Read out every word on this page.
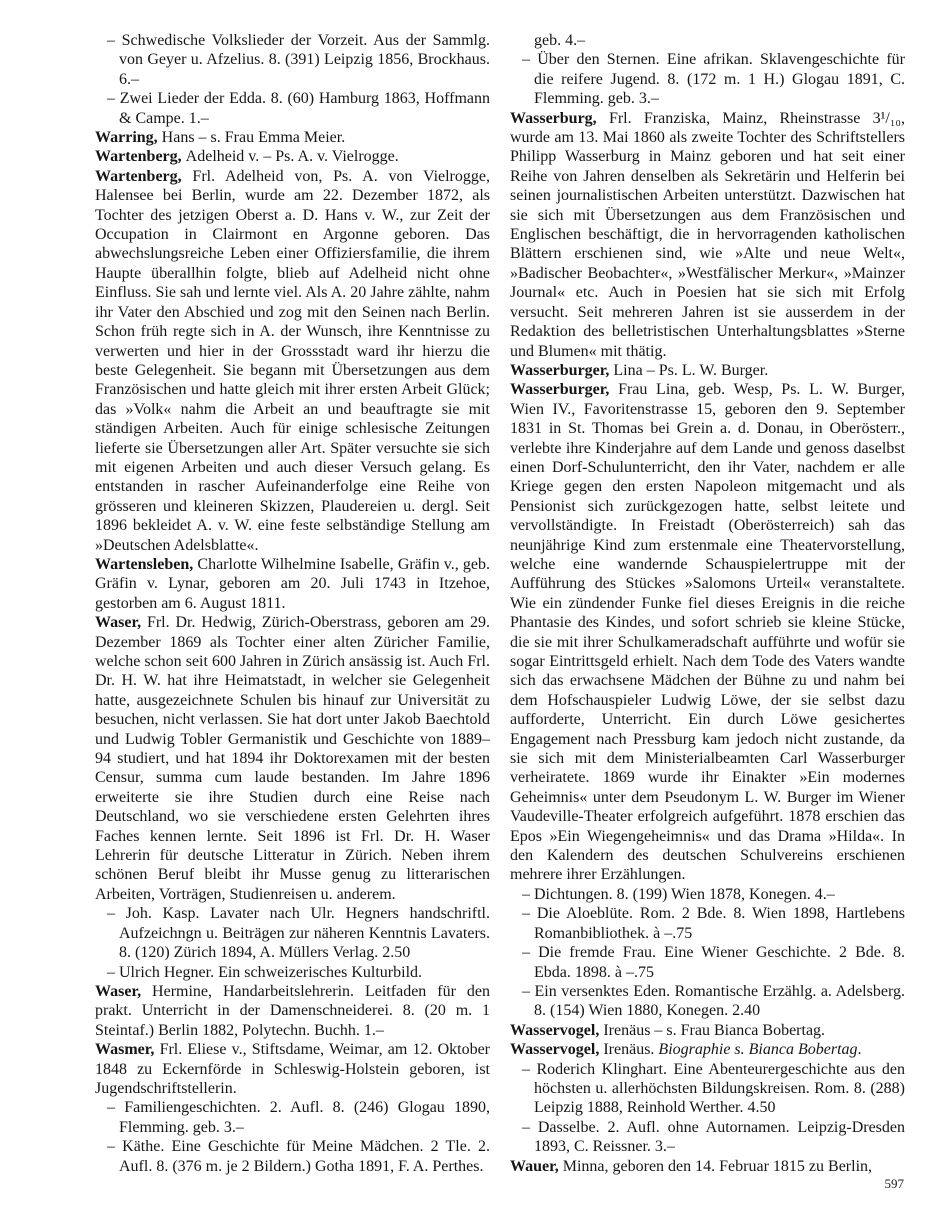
– Schwedische Volkslieder der Vorzeit. Aus der Sammlg. von Geyer u. Afzelius. 8. (391) Leipzig 1856, Brockhaus. 6.–
– Zwei Lieder der Edda. 8. (60) Hamburg 1863, Hoffmann & Campe. 1.–
Warring, Hans – s. Frau Emma Meier.
Wartenberg, Adelheid v. – Ps. A. v. Vielrogge.
Wartenberg, Frl. Adelheid von, Ps. A. von Vielrogge, Halensee bei Berlin, wurde am 22. Dezember 1872, als Tochter des jetzigen Oberst a. D. Hans v. W., zur Zeit der Occupation in Clairmont en Argonne geboren. Das abwechslungsreiche Leben einer Offiziersfamilie, die ihrem Haupte überallhin folgte, blieb auf Adelheid nicht ohne Einfluss. Sie sah und lernte viel. Als A. 20 Jahre zählte, nahm ihr Vater den Abschied und zog mit den Seinen nach Berlin. Schon früh regte sich in A. der Wunsch, ihre Kenntnisse zu verwerten und hier in der Grossstadt ward ihr hierzu die beste Gelegenheit. Sie begann mit Übersetzungen aus dem Französischen und hatte gleich mit ihrer ersten Arbeit Glück; das »Volk« nahm die Arbeit an und beauftragte sie mit ständigen Arbeiten. Auch für einige schlesische Zeitungen lieferte sie Übersetzungen aller Art. Später versuchte sie sich mit eigenen Arbeiten und auch dieser Versuch gelang. Es entstanden in rascher Aufeinanderfolge eine Reihe von grösseren und kleineren Skizzen, Plaudereien u. dergl. Seit 1896 bekleidet A. v. W. eine feste selbständige Stellung am »Deutschen Adelsblatte«.
Wartensleben, Charlotte Wilhelmine Isabelle, Gräfin v., geb. Gräfin v. Lynar, geboren am 20. Juli 1743 in Itzehoe, gestorben am 6. August 1811.
Waser, Frl. Dr. Hedwig, Zürich-Oberstrass, geboren am 29. Dezember 1869 als Tochter einer alten Züricher Familie, welche schon seit 600 Jahren in Zürich ansässig ist. Auch Frl. Dr. H. W. hat ihre Heimatstadt, in welcher sie Gelegenheit hatte, ausgezeichnete Schulen bis hinauf zur Universität zu besuchen, nicht verlassen. Sie hat dort unter Jakob Baechtold und Ludwig Tobler Germanistik und Geschichte von 1889–94 studiert, und hat 1894 ihr Doktorexamen mit der besten Censur, summa cum laude bestanden. Im Jahre 1896 erweiterte sie ihre Studien durch eine Reise nach Deutschland, wo sie verschiedene ersten Gelehrten ihres Faches kennen lernte. Seit 1896 ist Frl. Dr. H. Waser Lehrerin für deutsche Litteratur in Zürich. Neben ihrem schönen Beruf bleibt ihr Musse genug zu litterarischen Arbeiten, Vorträgen, Studienreisen u. anderem.
– Joh. Kasp. Lavater nach Ulr. Hegners handschriftl. Aufzeichngn u. Beiträgen zur näheren Kenntnis Lavaters. 8. (120) Zürich 1894, A. Müllers Verlag. 2.50
– Ulrich Hegner. Ein schweizerisches Kulturbild.
Waser, Hermine, Handarbeitslehrerin. Leitfaden für den prakt. Unterricht in der Damenschneiderei. 8. (20 m. 1 Steintaf.) Berlin 1882, Polytechn. Buchh. 1.–
Wasmer, Frl. Eliese v., Stiftsdame, Weimar, am 12. Oktober 1848 zu Eckernförde in Schleswig-Holstein geboren, ist Jugendschriftstellerin.
– Familiengeschichten. 2. Aufl. 8. (246) Glogau 1890, Flemming. geb. 3.–
– Käthe. Eine Geschichte für Meine Mädchen. 2 Tle. 2. Aufl. 8. (376 m. je 2 Bildern.) Gotha 1891, F. A. Perthes.
geb. 4.–
– Über den Sternen. Eine afrikan. Sklavengeschichte für die reifere Jugend. 8. (172 m. 1 H.) Glogau 1891, C. Flemming. geb. 3.–
Wasserburg, Frl. Franziska, Mainz, Rheinstrasse 3¹/₁₀, wurde am 13. Mai 1860 als zweite Tochter des Schriftstellers Philipp Wasserburg in Mainz geboren und hat seit einer Reihe von Jahren denselben als Sekretärin und Helferin bei seinen journalistischen Arbeiten unterstützt. Dazwischen hat sie sich mit Übersetzungen aus dem Französischen und Englischen beschäftigt, die in hervorragenden katholischen Blättern erschienen sind, wie »Alte und neue Welt«, »Badischer Beobachter«, »Westfälischer Merkur«, »Mainzer Journal« etc. Auch in Poesien hat sie sich mit Erfolg versucht. Seit mehreren Jahren ist sie ausserdem in der Redaktion des belletristischen Unterhaltungsblattes »Sterne und Blumen« mit thätig.
Wasserburger, Lina – Ps. L. W. Burger.
Wasserburger, Frau Lina, geb. Wesp, Ps. L. W. Burger, Wien IV., Favoritenstrasse 15, geboren den 9. September 1831 in St. Thomas bei Grein a. d. Donau, in Oberösterr., verlebte ihre Kinderjahre auf dem Lande und genoss daselbst einen Dorf-Schulunterricht, den ihr Vater, nachdem er alle Kriege gegen den ersten Napoleon mitgemacht und als Pensionist sich zurückgezogen hatte, selbst leitete und vervollständigte. In Freistadt (Oberösterreich) sah das neunjährige Kind zum erstenmale eine Theatervorstellung, welche eine wandernde Schauspielertruppe mit der Aufführung des Stückes »Salomons Urteil« veranstaltete. Wie ein zündender Funke fiel dieses Ereignis in die reiche Phantasie des Kindes, und sofort schrieb sie kleine Stücke, die sie mit ihrer Schulkameradschaft aufführte und wofür sie sogar Eintrittsgeld erhielt. Nach dem Tode des Vaters wandte sich das erwachsene Mädchen der Bühne zu und nahm bei dem Hofschauspieler Ludwig Löwe, der sie selbst dazu aufforderte, Unterricht. Ein durch Löwe gesichertes Engagement nach Pressburg kam jedoch nicht zustande, da sie sich mit dem Ministerialbeamten Carl Wasserburger verheiratete. 1869 wurde ihr Einakter »Ein modernes Geheimnis« unter dem Pseudonym L. W. Burger im Wiener Vaudeville-Theater erfolgreich aufgeführt. 1878 erschien das Epos »Ein Wiegengeheimnis« und das Drama »Hilda«. In den Kalendern des deutschen Schulvereins erschienen mehrere ihrer Erzählungen.
– Dichtungen. 8. (199) Wien 1878, Konegen. 4.–
– Die Aloeblüte. Rom. 2 Bde. 8. Wien 1898, Hartlebens Romanbibliothek. à –.75
– Die fremde Frau. Eine Wiener Geschichte. 2 Bde. 8. Ebda. 1898. à –.75
– Ein versenktes Eden. Romantische Erzählg. a. Adelsberg. 8. (154) Wien 1880, Konegen. 2.40
Wasservogel, Irenäus – s. Frau Bianca Bobertag.
Wasservogel, Irenäus. Biographie s. Bianca Bobertag.
– Roderich Klinghart. Eine Abenteurergeschichte aus den höchsten u. allerhöchsten Bildungskreisen. Rom. 8. (288) Leipzig 1888, Reinhold Werther. 4.50
– Dasselbe. 2. Aufl. ohne Autornamen. Leipzig-Dresden 1893, C. Reissner. 3.–
Wauer, Minna, geboren den 14. Februar 1815 zu Berlin,
597
